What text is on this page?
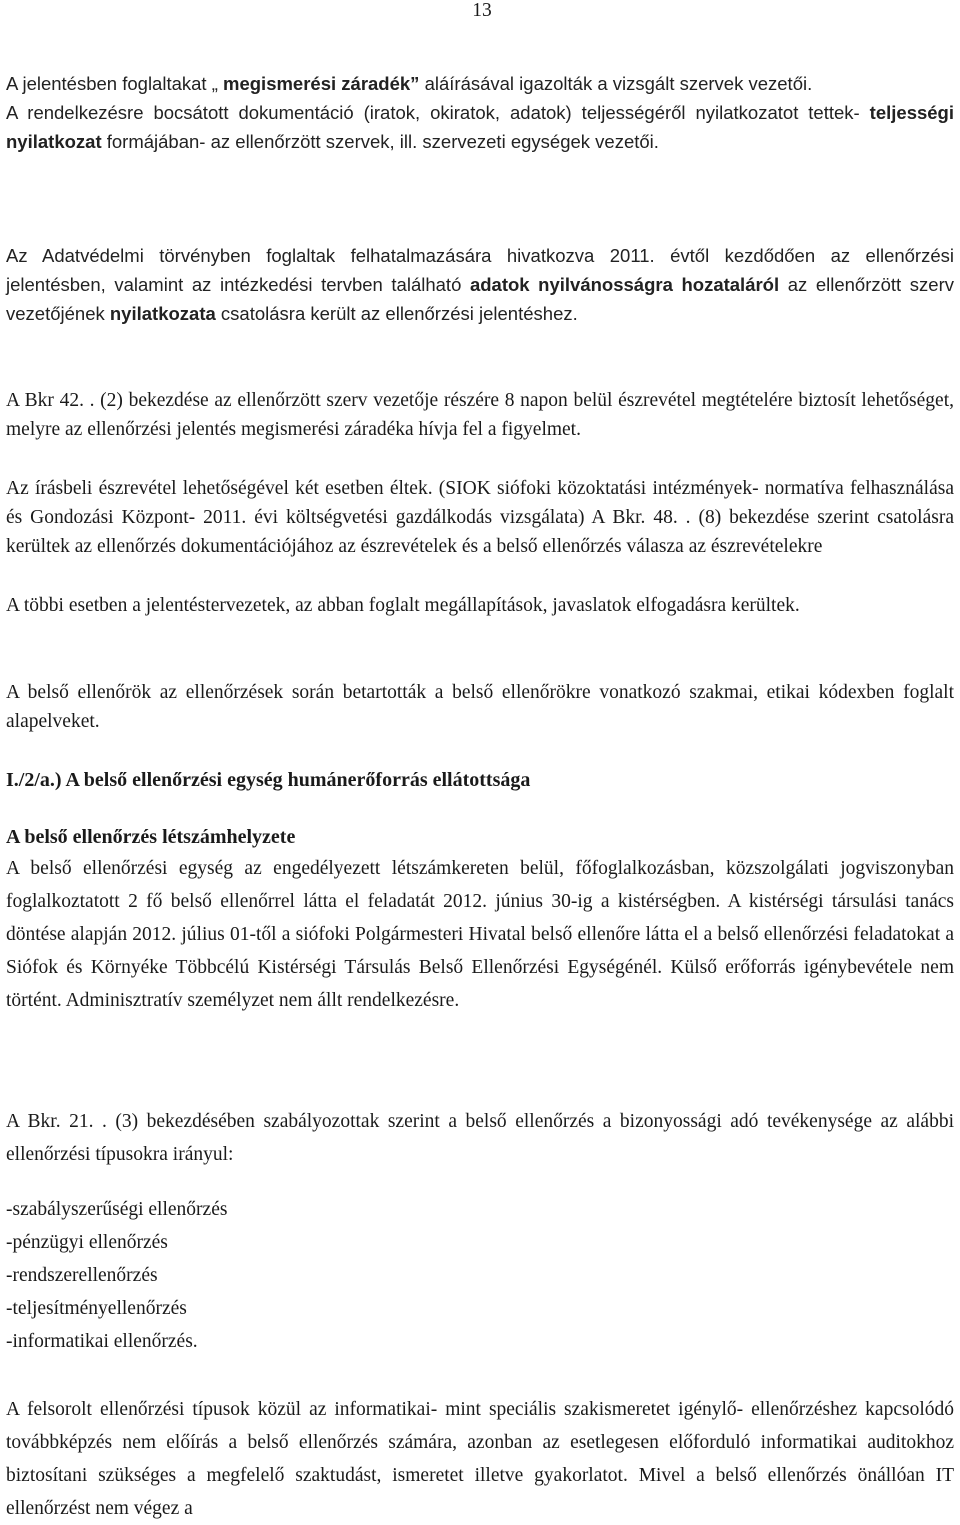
13

A jelentésben foglaltakat „ megismerési záradék” aláírásával igazolták a vizsgált szervek vezetői.
A rendelkezésre bocsátott dokumentáció (iratok, okiratok, adatok) teljességéről nyilatkozatot tettek- teljességi nyilatkozat formájában- az ellenőrzött szervek, ill. szervezeti egységek vezetői.

Az Adatvédelmi törvényben foglaltak felhatalmazására hivatkozva 2011. évtől kezdődően az ellenőrzési jelentésben, valamint az intézkedési tervben található adatok nyilvánosságra hozataláról az ellenőrzött szerv vezetőjének nyilatkozata csatolásra került az ellenőrzési jelentéshez.

A Bkr 42. . (2) bekezdése az ellenőrzött szerv vezetője részére 8 napon belül észrevétel megtételére biztosít lehetőséget, melyre az ellenőrzési jelentés megismerési záradéka hívja fel a figyelmet.

Az írásbeli észrevétel lehetőségével két esetben éltek. (SIOK siófoki közoktatási intézmények- normatíva felhasználása és Gondozási Központ- 2011. évi költségvetési gazdálkodás vizsgálata) A Bkr. 48. . (8) bekezdése szerint csatolásra kerültek az ellenőrzés dokumentációjához az észrevételek és a belső ellenőrzés válasza az észrevételekre

A többi esetben a jelentéstervezetek, az abban foglalt megállapítások, javaslatok elfogadásra kerültek.

A belső ellenőrök az ellenőrzések során betartották a belső ellenőrökre vonatkozó szakmai, etikai kódexben foglalt alapelveket.

I./2/a.) A belső ellenőrzési egység humánerőforrás ellátottsága

A belső ellenőrzés létszámhelyzete

A belső ellenőrzési egység az engedélyezett létszámkereten belül, főfoglalkozásban, közszolgálati jogviszonyban foglalkoztatott 2 fő belső ellenőrrel látta el feladatát 2012. június 30-ig a kistérségben. A kistérségi társulási tanács döntése alapján 2012. július 01-től a siófoki Polgármesteri Hivatal belső ellenőre látta el a belső ellenőrzési feladatokat a Siófok és Környéke Többcélú Kistérségi Társulás Belső Ellenőrzési Egységénél. Külső erőforrás igénybevétele nem történt. Adminisztratív személyzet nem állt rendelkezésre.

A Bkr. 21. . (3) bekezdésében szabályozottak szerint a belső ellenőrzés a bizonyossági adó tevékenysége az alábbi ellenőrzési típusokra irányul:

-szabályszerűségi ellenőrzés
-pénzügyi ellenőrzés
-rendszerellenőrzés
-teljesítményellenőrzés
-informatikai ellenőrzés.

A felsorolt ellenőrzési típusok közül az informatikai- mint speciális szakismeretet igénylő- ellenőrzéshez kapcsolódó továbbképzés nem előírás a belső ellenőrzés számára, azonban az esetlegesen előforduló informatikai auditokhoz biztosítani szükséges a megfelelő szaktudást, ismeretet illetve gyakorlatot. Mivel a belső ellenőrzés önállóan IT ellenőrzést nem végez a
